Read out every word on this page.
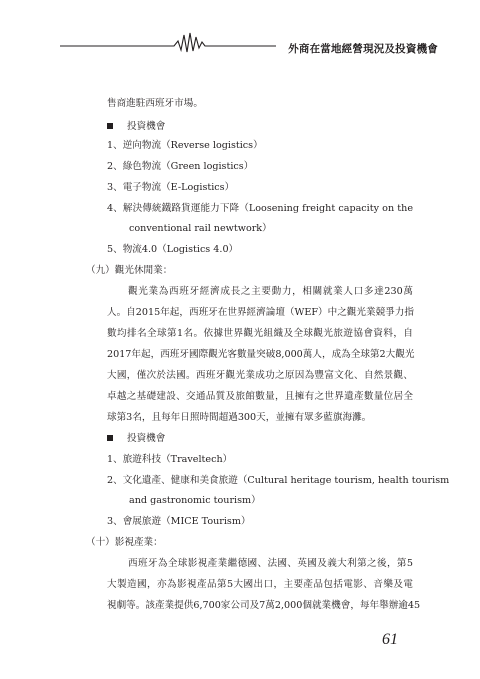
外商在當地經營現況及投資機會
售商進駐西班牙市場。
投資機會
1、逆向物流（Reverse logistics）
2、綠色物流（Green logistics）
3、電子物流（E-Logistics）
4、解決傳統鐵路貨運能力下降（Loosening freight capacity on the
conventional rail newtwork）
5、物流4.0（Logistics 4.0）
（九）觀光休閒業：
觀光業為西班牙經濟成長之主要動力，相關就業人口多達230萬
人。自2015年起，西班牙在世界經濟論壇（WEF）中之觀光業競爭力指
數均排名全球第1名。依據世界觀光組織及全球觀光旅遊協會資料，自
2017年起，西班牙國際觀光客數量突破8,000萬人，成為全球第2大觀光
大國，僅次於法國。西班牙觀光業成功之原因為豐富文化、自然景觀、
卓越之基礎建設、交通品質及旅館數量，且擁有之世界遺產數量位居全
球第3名，且每年日照時間超過300天，並擁有眾多藍旗海灘。
投資機會
1、旅遊科技（Traveltech）
2、文化遺產、健康和美食旅遊（Cultural heritage tourism, health tourism
and gastronomic tourism）
3、會展旅遊（MICE Tourism）
（十）影視產業：
西班牙為全球影視產業繼德國、法國、英國及義大利第之後，第5
大製造國，亦為影視產品第5大國出口，主要產品包括電影、音樂及電
視劇等。該產業提供6,700家公司及7萬2,000個就業機會，每年舉辦逾45
61
